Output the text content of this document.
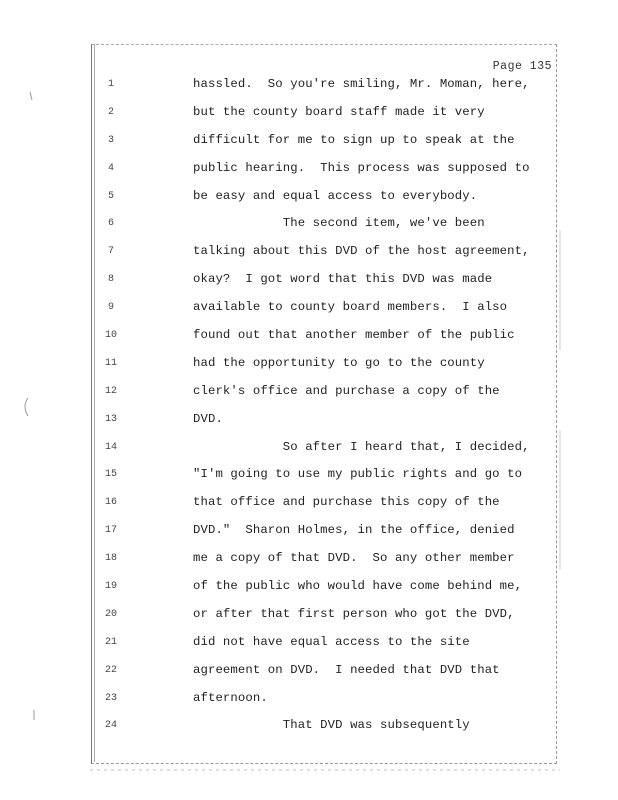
Page 135
1	hassled.  So you're smiling, Mr. Moman, here,
2	but the county board staff made it very
3	difficult for me to sign up to speak at the
4	public hearing.  This process was supposed to
5	be easy and equal access to everybody.
6	The second item, we've been
7	talking about this DVD of the host agreement,
8	okay?  I got word that this DVD was made
9	available to county board members.  I also
10	found out that another member of the public
11	had the opportunity to go to the county
12	clerk's office and purchase a copy of the
13	DVD.
14	So after I heard that, I decided,
15	"I'm going to use my public rights and go to
16	that office and purchase this copy of the
17	DVD."  Sharon Holmes, in the office, denied
18	me a copy of that DVD.  So any other member
19	of the public who would have come behind me,
20	or after that first person who got the DVD,
21	did not have equal access to the site
22	agreement on DVD.  I needed that DVD that
23	afternoon.
24	That DVD was subsequently
